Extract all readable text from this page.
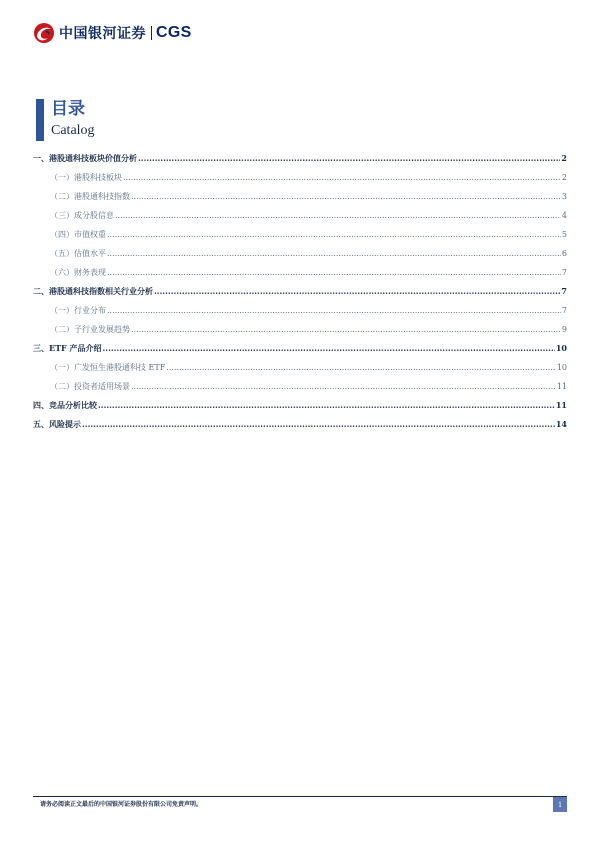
中国银河证券 CGS
目录
Catalog
一、 港股通科技板块价值分析 .....	2
（一） 港股科技板块 .....	2
（二） 港股通科技指数 .....	3
（三） 成分股信息 .....	4
（四） 市值权重 .....	5
（五） 估值水平 .....	6
（六） 财务表现 .....	7
二、 港股通科技指数相关行业分析 .....	7
（一） 行业分布 .....	7
（二） 子行业发展趋势 .....	9
三、 ETF 产品介绍 .....	10
（一） 广发恒生港股通科技 ETF .....	10
（二） 投资者适用场景 .....	11
四、 竞品分析比较 .....	11
五、 风险提示 .....	14
请务必阅读正文最后的中国银河证券股份有限公司免责声明。	1
